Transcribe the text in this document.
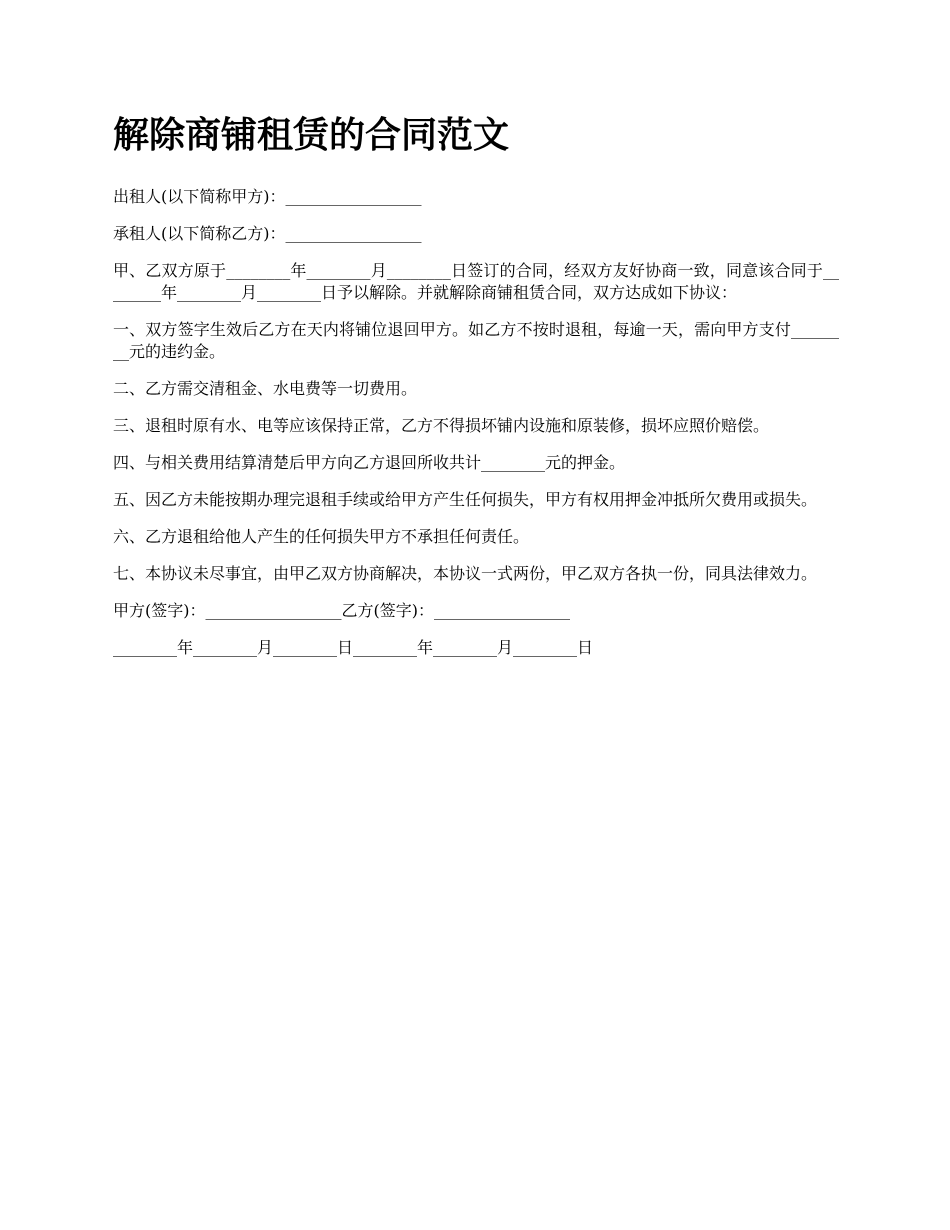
解除商铺租赁的合同范文

出租人(以下简称甲方)：_________________

承租人(以下简称乙方)：_________________

甲、乙双方原于________年________月________日签订的合同，经双方友好协商一致，同意该合同于________年________月________日予以解除。并就解除商铺租赁合同，双方达成如下协议：

一、双方签字生效后乙方在天内将铺位退回甲方。如乙方不按时退租，每逾一天，需向甲方支付________元的违约金。

二、乙方需交清租金、水电费等一切费用。

三、退租时原有水、电等应该保持正常，乙方不得损坏铺内设施和原装修，损坏应照价赔偿。

四、与相关费用结算清楚后甲方向乙方退回所收共计________元的押金。

五、因乙方未能按期办理完退租手续或给甲方产生任何损失，甲方有权用押金冲抵所欠费用或损失。

六、乙方退租给他人产生的任何损失甲方不承担任何责任。

七、本协议未尽事宜，由甲乙双方协商解决，本协议一式两份，甲乙双方各执一份，同具法律效力。

甲方(签字)：_________________乙方(签字)：_________________

________年________月________日________年________月________日
